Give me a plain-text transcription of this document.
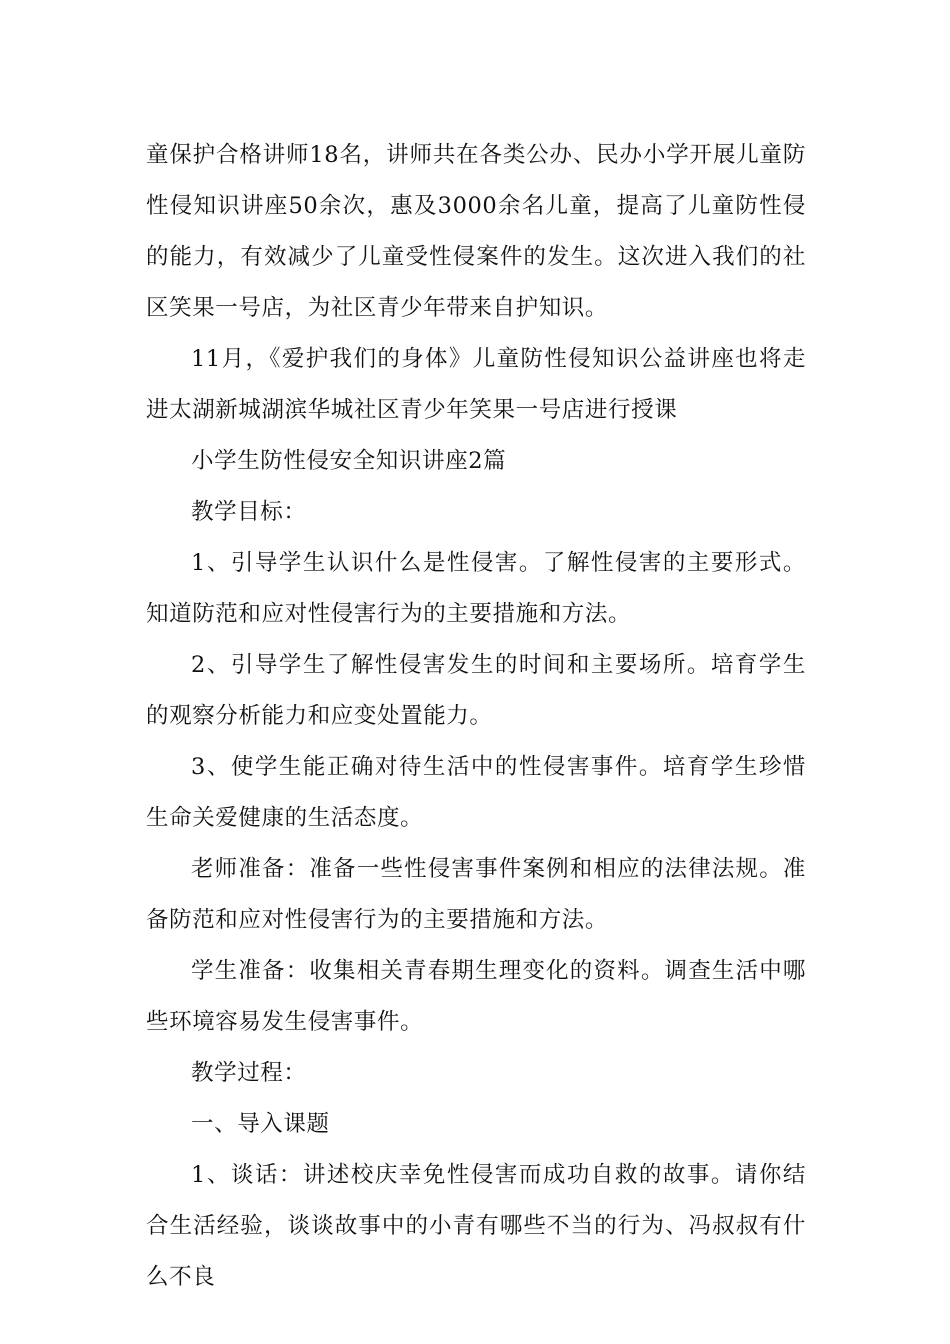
童保护合格讲师18名，讲师共在各类公办、民办小学开展儿童防性侵知识讲座50余次，惠及3000余名儿童，提高了儿童防性侵的能力，有效减少了儿童受性侵案件的发生。这次进入我们的社区笑果一号店，为社区青少年带来自护知识。

11月，《爱护我们的身体》儿童防性侵知识公益讲座也将走进太湖新城湖滨华城社区青少年笑果一号店进行授课

小学生防性侵安全知识讲座2篇

教学目标：

1、引导学生认识什么是性侵害。了解性侵害的主要形式。知道防范和应对性侵害行为的主要措施和方法。

2、引导学生了解性侵害发生的时间和主要场所。培育学生的观察分析能力和应变处置能力。

3、使学生能正确对待生活中的性侵害事件。培育学生珍惜生命关爱健康的生活态度。

老师准备：准备一些性侵害事件案例和相应的法律法规。准备防范和应对性侵害行为的主要措施和方法。

学生准备：收集相关青春期生理变化的资料。调查生活中哪些环境容易发生侵害事件。

教学过程：

一、导入课题

1、谈话：讲述校庆幸免性侵害而成功自救的故事。请你结合生活经验，谈谈故事中的小青有哪些不当的行为、冯叔叔有什么不良
